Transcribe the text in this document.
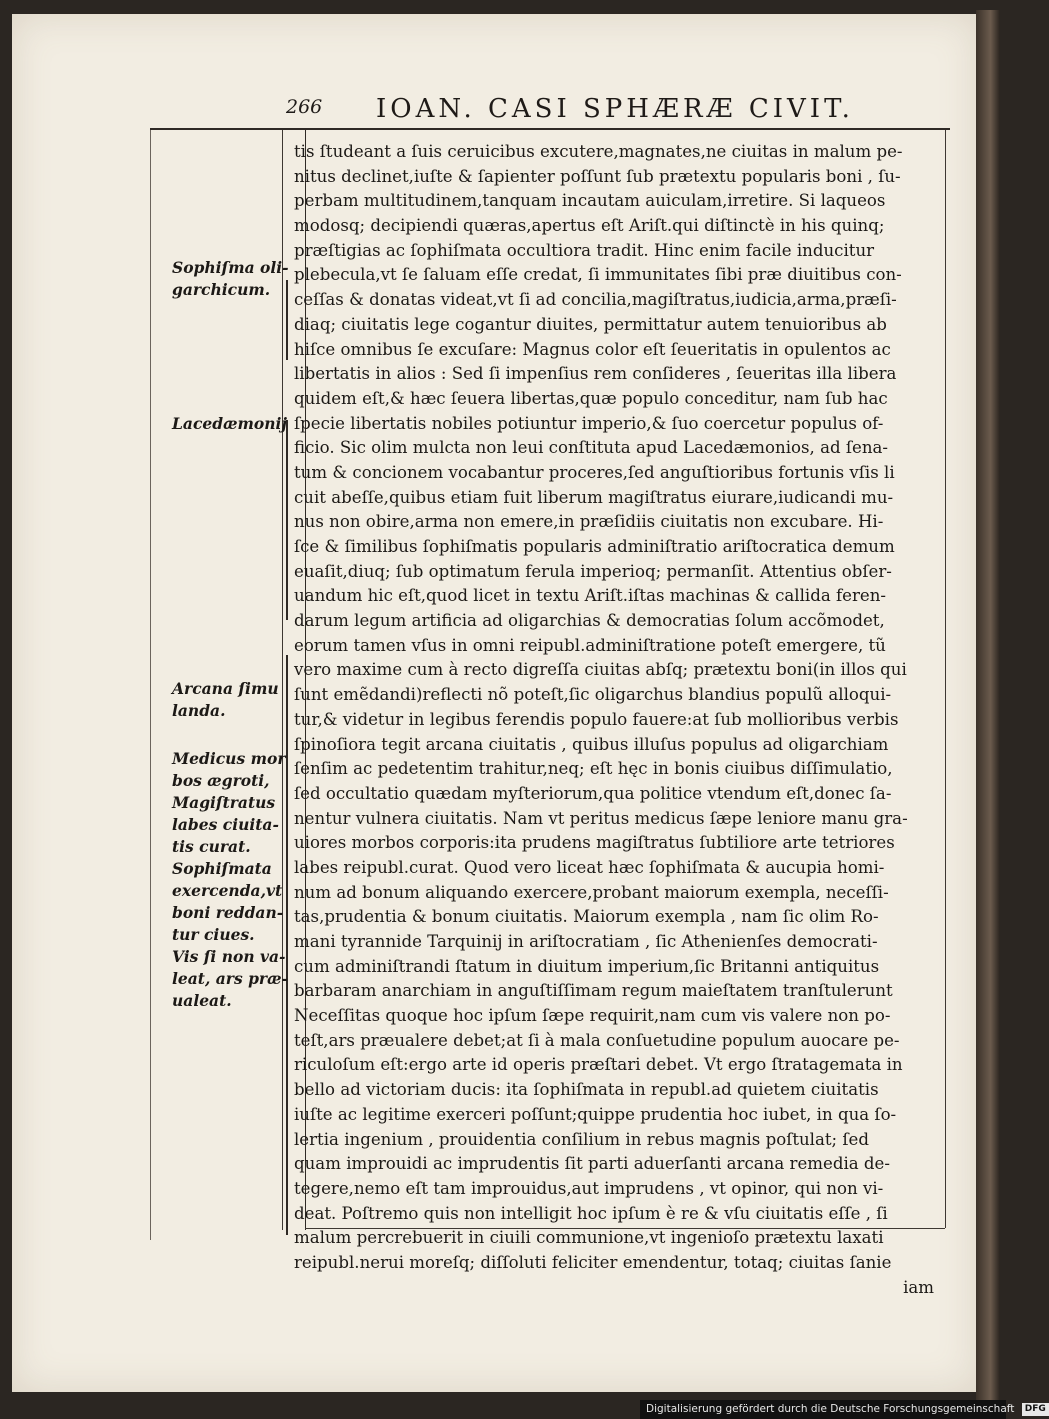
266 IOAN. CASI SPHÆRÆ CIVIT.
Sophiſma oli-
garchicum.
Lacedæmonij
Arcana ſimu
landa.
Medicus mor
bos ægroti,
Magiſtratus
labes ciuita-
tis curat.
Sophiſmata
exercenda,vt
boni reddan-
tur ciues.
Vis ſi non va-
leat, ars præ-
ualeat.
tis ſtudeant a ſuis ceruicibus excutere,magnates,ne ciuitas in malum pe-
nitus declinet,iuſte & ſapienter poſſunt ſub prætextu popularis boni , ſu-
perbam multitudinem,tanquam incautam auiculam,irretire. Si laqueos
modosq; decipiendi quæras,apertus eſt Ariſt.qui diſtinctè in his quinq;
præſtigias ac ſophiſmata occultiora tradit. Hinc enim facile inducitur
plebecula,vt ſe ſaluam eſſe credat, ſi immunitates ſibi præ diuitibus con-
ceſſas & donatas videat,vt ſi ad concilia,magiſtratus,iudicia,arma,præſi-
diaq; ciuitatis lege cogantur diuites, permittatur autem tenuioribus ab
hiſce omnibus ſe excuſare: Magnus color eſt ſeueritatis in opulentos ac
libertatis in alios : Sed ſi impenſius rem conſideres , ſeueritas illa libera
quidem eſt,& hæc ſeuera libertas,quæ populo conceditur, nam ſub hac
ſpecie libertatis nobiles potiuntur imperio,& ſuo coercetur populus of-
ficio. Sic olim mulcta non leui conſtituta apud Lacedæmonios, ad ſena-
tum & concionem vocabantur proceres,ſed anguſtioribus fortunis vſis li
cuit abeſſe,quibus etiam fuit liberum magiſtratus eiurare,iudicandi mu-
nus non obire,arma non emere,in præſidiis ciuitatis non excubare. Hi-
ſce & ſimilibus ſophiſmatis popularis adminiſtratio ariſtocratica demum
euaſit,diuq; ſub optimatum ferula imperioq; permanſit. Attentius obſer-
uandum hic eſt,quod licet in textu Ariſt.iſtas machinas & callida feren-
darum legum artificia ad oligarchias & democratias ſolum accõmodet,
eorum tamen vſus in omni reipubl.adminiſtratione poteſt emergere, tũ
vero maxime cum à recto digreſſa ciuitas abſq; prætextu boni(in illos qui
ſunt emẽdandi)reflecti nõ poteſt,ſic oligarchus blandius populũ alloqui-
tur,& videtur in legibus ferendis populo fauere:at ſub mollioribus verbis
ſpinoſiora tegit arcana ciuitatis , quibus illuſus populus ad oligarchiam
ſenſim ac pedetentim trahitur,neq; eſt hęc in bonis ciuibus diſſimulatio,
ſed occultatio quædam myſteriorum,qua politice vtendum eſt,donec ſa-
nentur vulnera ciuitatis. Nam vt peritus medicus ſæpe leniore manu gra-
uiores morbos corporis:ita prudens magiſtratus ſubtiliore arte tetriores
labes reipubl.curat. Quod vero liceat hæc ſophiſmata & aucupia homi-
num ad bonum aliquando exercere,probant maiorum exempla, neceſſi-
tas,prudentia & bonum ciuitatis. Maiorum exempla , nam ſic olim Ro-
mani tyrannide Tarquinij in ariſtocratiam , ſic Athenienſes democrati-
cum adminiſtrandi ſtatum in diuitum imperium,ſic Britanni antiquitus
barbaram anarchiam in anguſtiſſimam regum maieſtatem tranſtulerunt
Neceſſitas quoque hoc ipſum ſæpe requirit,nam cum vis valere non po-
teſt,ars præualere debet;at ſi à mala conſuetudine populum auocare pe-
riculoſum eſt:ergo arte id operis præſtari debet. Vt ergo ſtratagemata in
bello ad victoriam ducis: ita ſophiſmata in republ.ad quietem ciuitatis
iuſte ac legitime exerceri poſſunt;quippe prudentia hoc iubet, in qua ſo-
lertia ingenium , prouidentia conſilium in rebus magnis poſtulat; ſed
quam improuidi ac imprudentis ſit parti aduerſanti arcana remedia de-
tegere,nemo eſt tam improuidus,aut imprudens , vt opinor, qui non vi-
deat. Poſtremo quis non intelligit hoc ipſum è re & vſu ciuitatis eſſe , ſi
malum percrebuerit in ciuili communione,vt ingenioſo prætextu laxati
reipubl.nerui moreſq; diſſoluti feliciter emendentur, totaq; ciuitas ſanie
iam
Digitalisierung gefördert durch die Deutsche Forschungsgemeinschaft DFG
